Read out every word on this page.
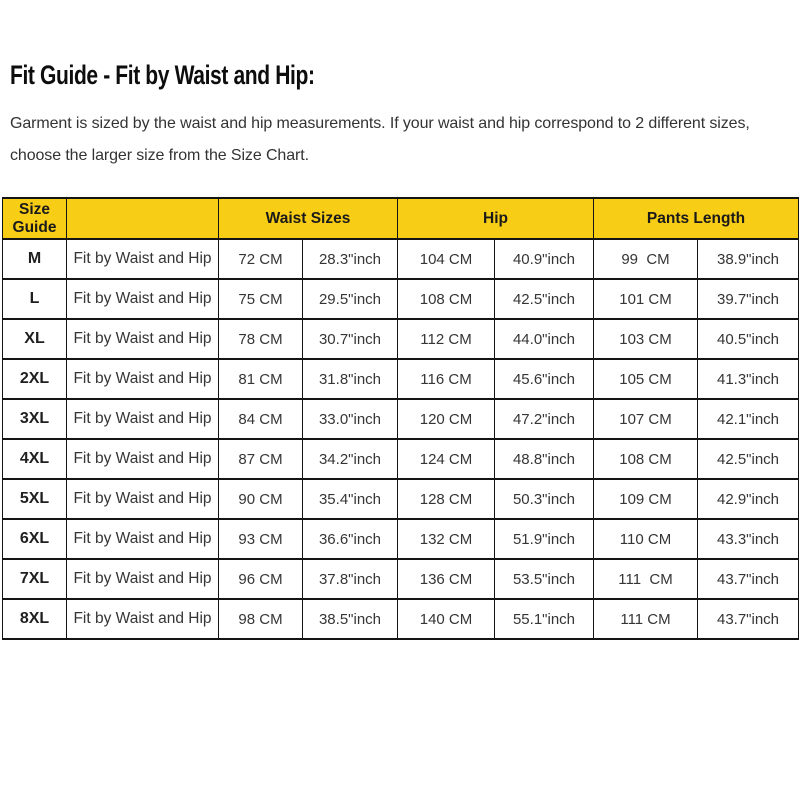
Fit Guide - Fit by Waist and Hip:

Garment is sized by the waist and hip measurements. If your waist and hip correspond to 2 different sizes, choose the larger size from the Size Chart.

Size Guide		Waist Sizes		Hip		Pants Length	
M	Fit by Waist and Hip	72 CM	28.3"inch	104 CM	40.9"inch	99  CM	38.9"inch
L	Fit by Waist and Hip	75 CM	29.5"inch	108 CM	42.5"inch	101 CM	39.7"inch
XL	Fit by Waist and Hip	78 CM	30.7"inch	112 CM	44.0"inch	103 CM	40.5"inch
2XL	Fit by Waist and Hip	81 CM	31.8"inch	116 CM	45.6"inch	105 CM	41.3"inch
3XL	Fit by Waist and Hip	84 CM	33.0"inch	120 CM	47.2"inch	107 CM	42.1"inch
4XL	Fit by Waist and Hip	87 CM	34.2"inch	124 CM	48.8"inch	108 CM	42.5"inch
5XL	Fit by Waist and Hip	90 CM	35.4"inch	128 CM	50.3"inch	109 CM	42.9"inch
6XL	Fit by Waist and Hip	93 CM	36.6"inch	132 CM	51.9"inch	110 CM	43.3"inch
7XL	Fit by Waist and Hip	96 CM	37.8"inch	136 CM	53.5"inch	111  CM	43.7"inch
8XL	Fit by Waist and Hip	98 CM	38.5"inch	140 CM	55.1"inch	111 CM	43.7"inch
